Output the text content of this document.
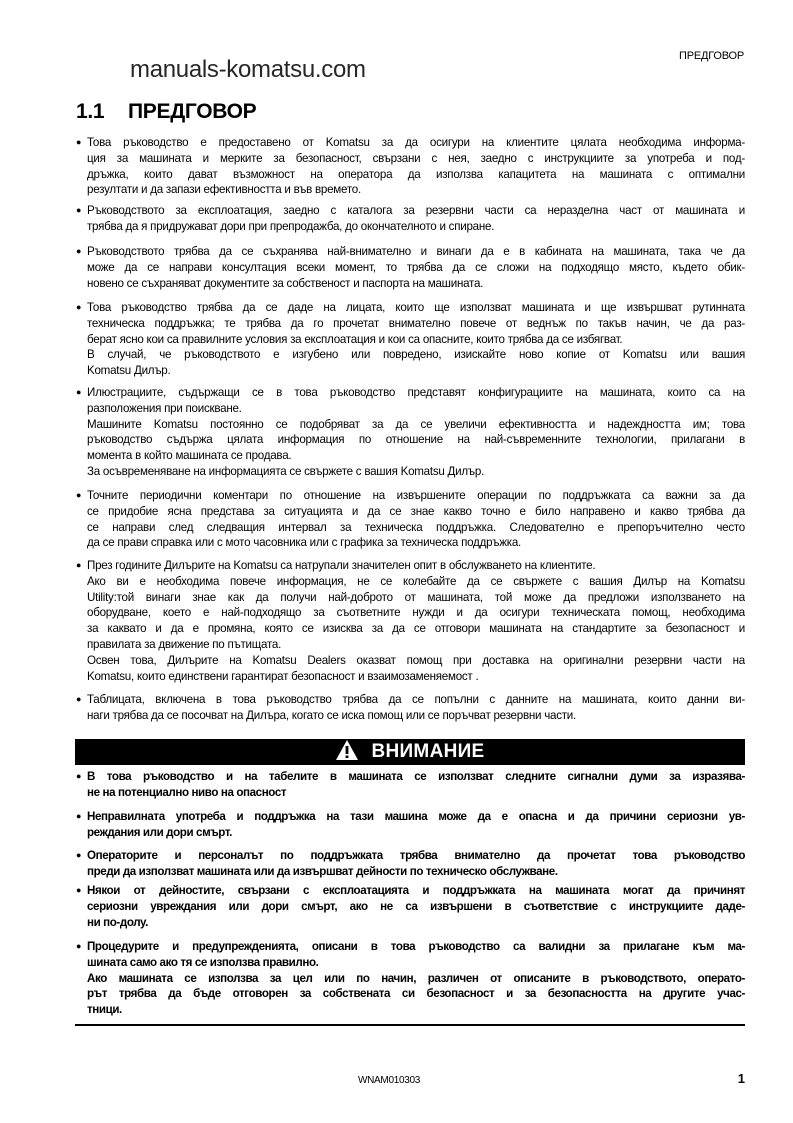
ПРЕДГОВОР
manuals-komatsu.com
1.1 ПРЕДГОВОР
● Това ръководство е предоставено от Komatsu за да осигури на клиентите цялата необходима информа-
ция за машината и мерките за безопасност, свързани с нея, заедно с инструкциите за употреба и под-
дръжка, които дават възможност на оператора да използва капацитета на машината с оптимални
резултати и да запази ефективността и във времето.
● Ръководството за експлоатация, заедно с каталога за резервни части са неразделна част от машината и
трябва да я придружават дори при препродажба, до окончателното и спиране.
● Ръководството трябва да се съхранява най-внимателно и винаги да е в кабината на машината, така че да
може да се направи консултация всеки момент, то трябва да се сложи на подходящо място, където обик-
новено се съхраняват документите за собственост и паспорта на машината.
● Това ръководство трябва да се даде на лицата, които ще използват машината и ще извършват рутинната
техническа поддръжка; те трябва да го прочетат внимателно повече от веднъж по такъв начин, че да раз-
берат ясно кои са правилните условия за експлоатация и кои са опасните, които трябва да се избягват.
В случай, че ръководството е изгубено или повредено, изискайте ново копие от Komatsu или вашия
Komatsu Дилър.
● Илюстрациите, съдържащи се в това ръководство представят конфигурациите на машината, които са на
разположения при поискване.
Машините Komatsu постоянно се подобряват за да се увеличи ефективността и надеждността им; това
ръководство съдържа цялата информация по отношение на най-съвременните технологии, прилагани в
момента в който машината се продава.
За осъвременяване на информацията се свържете с вашия Komatsu Дилър.
● Точните периодични коментари по отношение на извършените операции по поддръжката са важни за да
се придобие ясна представа за ситуацията и да се знае какво точно е било направено и какво трябва да
се направи след следващия интервал за техническа поддръжка. Следователно е препоръчително често
да се прави справка или с мото часовника или с графика за техническа поддръжка.
● През годините Дилърите на Komatsu са натрупали значителен опит в обслужването на клиентите.
Ако ви е необходима повече информация, не се колебайте да се свържете с вашия Дилър на Komatsu
Utility:той винаги знае как да получи най-доброто от машината, той може да предложи използването на
оборудване, което е най-подходящо за съответните нужди и да осигури техническата помощ, необходима
за каквато и да е промяна, която се изисква за да се отговори машината на стандартите за безопасност и
правилата за движение по пътищата.
Освен това, Дилърите на Komatsu Dealers оказват помощ при доставка на оригинални резервни части на
Komatsu, които единствени гарантират безопасност и взаимозаменяемост .
● Таблицата, включена в това ръководство трябва да се попълни с данните на машината, които данни ви-
наги трябва да се посочват на Дилъра, когато се иска помощ или се поръчват резервни части.
ВНИМАНИЕ
● В това ръководство и на табелите в машината се използват следните сигнални думи за изразява-
не на потенциално ниво на опасност
● Неправилната употреба и поддръжка на тази машина може да е опасна и да причини сериозни ув-
реждания или дори смърт.
● Операторите и персоналът по поддръжката трябва внимателно да прочетат това ръководство
преди да използват машината или да извършват дейности по техническо обслужване.
● Някои от дейностите, свързани с експлоатацията и поддръжката на машината могат да причинят
сериозни увреждания или дори смърт, ако не са извършени в съответствие с инструкциите даде-
ни по-долу.
● Процедурите и предупрежденията, описани в това ръководство са валидни за прилагане към ма-
шината само ако тя се използва правилно.
Ако машината се използва за цел или по начин, различен от описаните в ръководството, операто-
рът трябва да бъде отговорен за собствената си безопасност и за безопасността на другите учас-
тници.
WNAM010303	1
